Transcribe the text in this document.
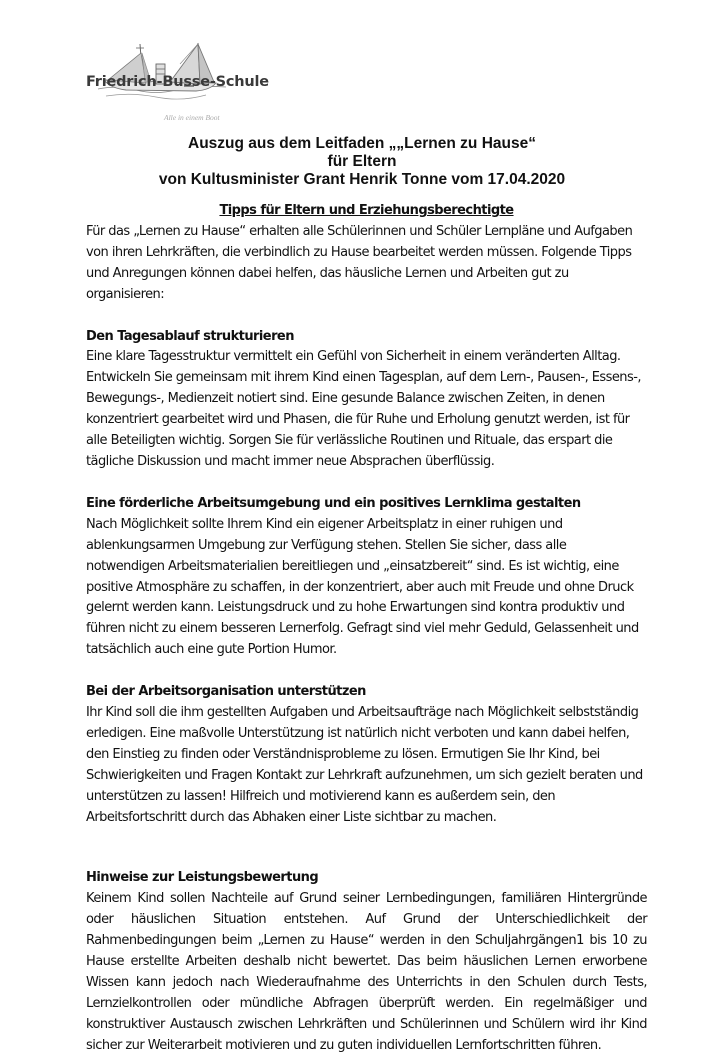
Friedrich-Busse-Schule
Alle in einem Boot
Auszug aus dem Leitfaden „„Lernen zu Hause“
für Eltern
von Kultusminister Grant Henrik Tonne vom 17.04.2020

Tipps für Eltern und Erziehungsberechtigte

Für das „Lernen zu Hause“ erhalten alle Schülerinnen und Schüler Lernpläne und Aufgaben von ihren Lehrkräften, die verbindlich zu Hause bearbeitet werden müssen. Folgende Tipps und Anregungen können dabei helfen, das häusliche Lernen und Arbeiten gut zu organisieren:

Den Tagesablauf strukturieren

Eine klare Tagesstruktur vermittelt ein Gefühl von Sicherheit in einem veränderten Alltag. Entwickeln Sie gemeinsam mit ihrem Kind einen Tagesplan, auf dem Lern-, Pausen-, Essens-, Bewegungs-, Medienzeit notiert sind. Eine gesunde Balance zwischen Zeiten, in denen konzentriert gearbeitet wird und Phasen, die für Ruhe und Erholung genutzt werden, ist für alle Beteiligten wichtig. Sorgen Sie für verlässliche Routinen und Rituale, das erspart die tägliche Diskussion und macht immer neue Absprachen überflüssig.

Eine förderliche Arbeitsumgebung und ein positives Lernklima gestalten

Nach Möglichkeit sollte Ihrem Kind ein eigener Arbeitsplatz in einer ruhigen und ablenkungsarmen Umgebung zur Verfügung stehen. Stellen Sie sicher, dass alle notwendigen Arbeitsmaterialien bereitliegen und „einsatzbereit“ sind. Es ist wichtig, eine positive Atmosphäre zu schaffen, in der konzentriert, aber auch mit Freude und ohne Druck gelernt werden kann. Leistungsdruck und zu hohe Erwartungen sind kontra produktiv und führen nicht zu einem besseren Lernerfolg. Gefragt sind viel mehr Geduld, Gelassenheit und tatsächlich auch eine gute Portion Humor.

Bei der Arbeitsorganisation unterstützen

Ihr Kind soll die ihm gestellten Aufgaben und Arbeitsaufträge nach Möglichkeit selbstständig erledigen. Eine maßvolle Unterstützung ist natürlich nicht verboten und kann dabei helfen, den Einstieg zu finden oder Verständnisprobleme zu lösen. Ermutigen Sie Ihr Kind, bei Schwierigkeiten und Fragen Kontakt zur Lehrkraft aufzunehmen, um sich gezielt beraten und unterstützen zu lassen! Hilfreich und motivierend kann es außerdem sein, den Arbeitsfortschritt durch das Abhaken einer Liste sichtbar zu machen.

Hinweise zur Leistungsbewertung

Keinem Kind sollen Nachteile auf Grund seiner Lernbedingungen, familiären Hintergründe oder häuslichen Situation entstehen. Auf Grund der Unterschiedlichkeit der Rahmenbedingungen beim „Lernen zu Hause“ werden in den Schuljahrgängen1 bis 10 zu Hause erstellte Arbeiten deshalb nicht bewertet. Das beim häuslichen Lernen erworbene Wissen kann jedoch nach Wiederaufnahme des Unterrichts in den Schulen durch Tests, Lernzielkontrollen oder mündliche Abfragen überprüft werden. Ein regelmäßiger und konstruktiver Austausch zwischen Lehrkräften und Schülerinnen und Schülern wird ihr Kind sicher zur Weiterarbeit motivieren und zu guten individuellen Lernfortschritten führen.
